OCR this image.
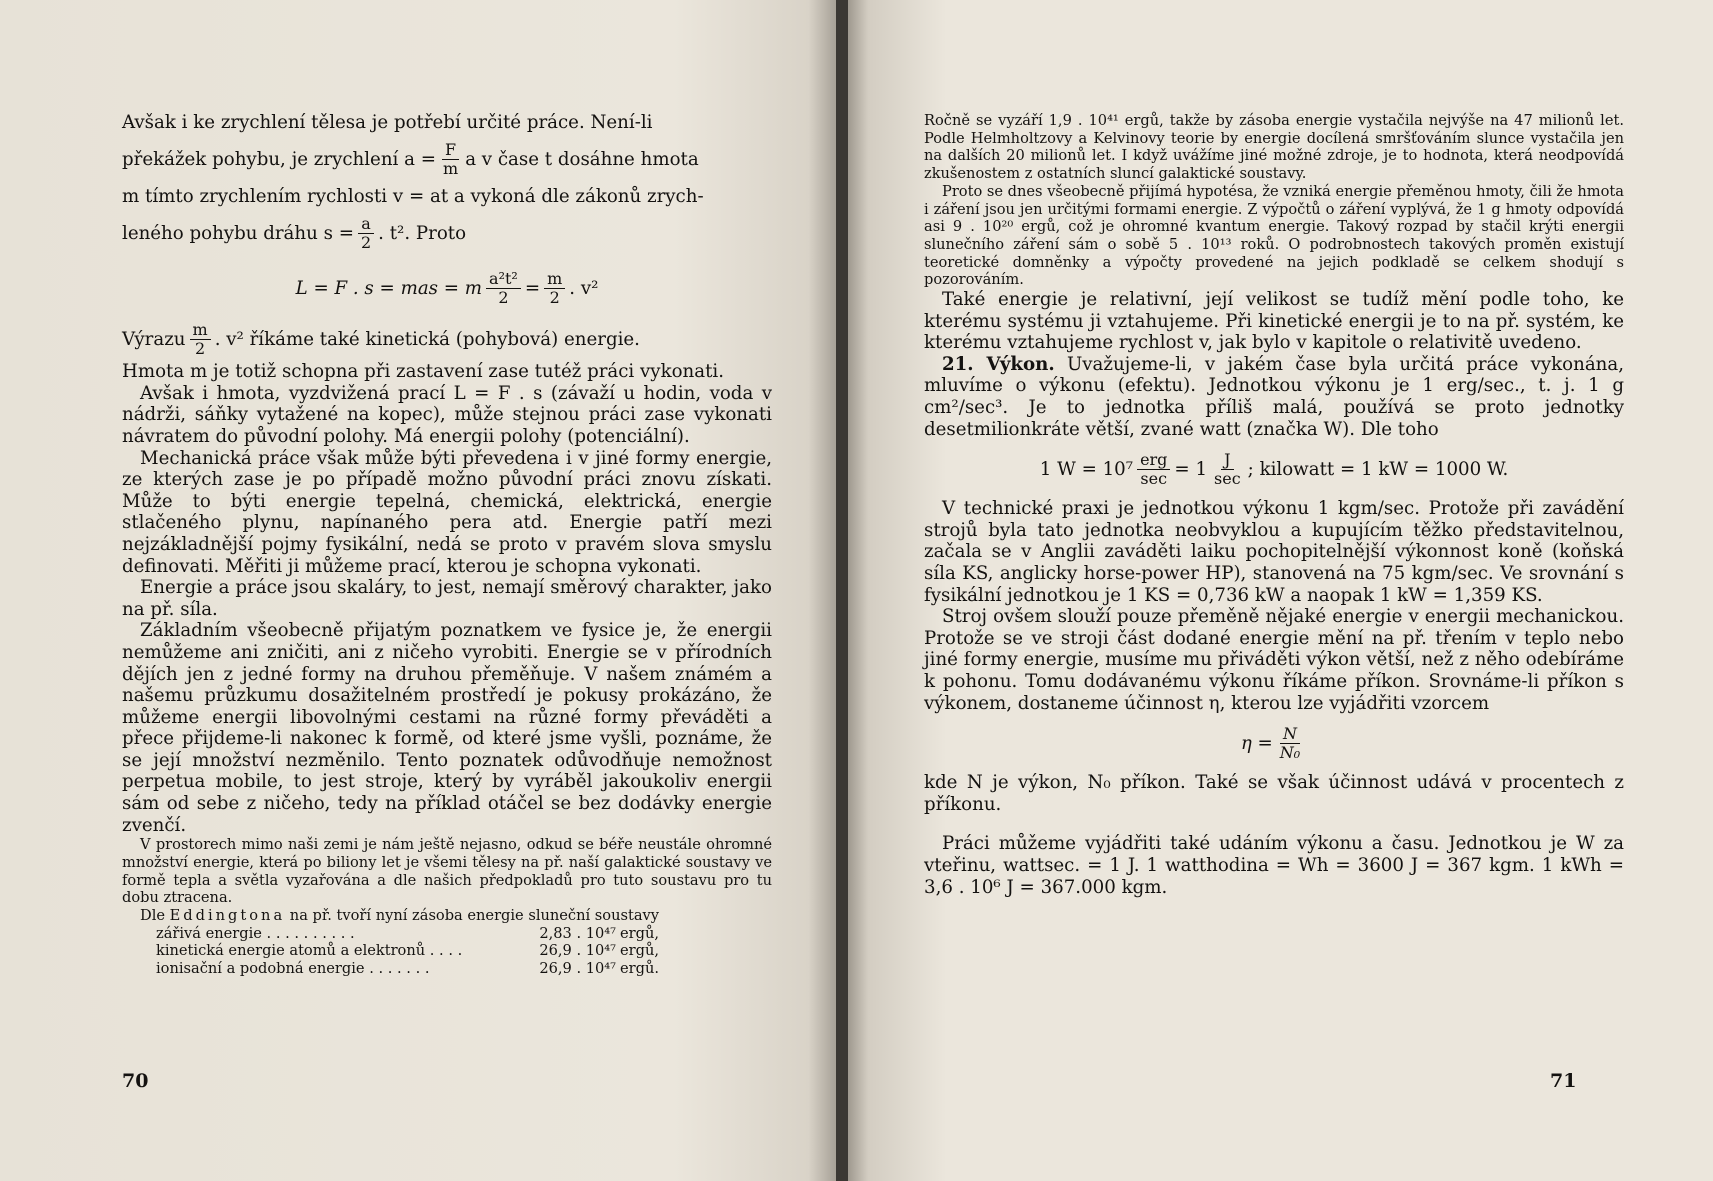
Avšak i ke zrychlení tělesa je potřebí určité práce. Není-li

překážek pohybu, je zrychlení $a = \frac{F}{m}$ a v čase t dosáhne hmota

m tímto zrychlením rychlosti v = at a vykoná dle zákonů zrych-

leného pohybu dráhu $s = \frac{a}{2}$ . t². Proto
L = F . s = mas = m $\frac{\text{a²t²}}{2} = \frac{m}{2}$ . v²
Výrazu $\frac{m}{2}$ . v² říkáme také kinetická (pohybová) energie.

Hmota m je totiž schopna při zastavení zase tutéž práci vykonati.

Avšak i hmota, vyzdvižená prací L = F . s (závaží u hodin, voda v nádrži, sáňky vytažené na kopec), může stejnou práci zase vykonati návratem do původní polohy. Má energii polohy (potenciální).

Mechanická práce však může býti převedena i v jiné formy energie, ze kterých zase je po případě možno původní práci znovu získati. Může to býti energie tepelná, chemická, elektrická, energie stlačeného plynu, napínaného pera atd. Energie patří mezi nejzákladnější pojmy fysikální, nedá se proto v pravém slova smyslu definovati. Měřiti ji můžeme prací, kterou je schopna vykonati.

Energie a práce jsou skaláry, to jest, nemají směrový charakter, jako na př. síla.

Základním všeobecně přijatým poznatkem ve fysice je, že energii nemůžeme ani zničiti, ani z ničeho vyrobiti. Energie se v přírodních dějích jen z jedné formy na druhou přeměňuje. V našem známém a našemu průzkumu dosažitelném prostředí je pokusy prokázáno, že můžeme energii libovolnými cestami na různé formy převáděti a přece přijdeme-li nakonec k formě, od které jsme vyšli, poznáme, že se její množství nezměnilo. Tento poznatek odůvodňuje nemožnost perpetua mobile, to jest stroje, který by vyráběl jakoukoliv energii sám od sebe z ničeho, tedy na příklad otáčel se bez dodávky energie zvenčí.

V prostorech mimo naši zemi je nám ještě nejasno, odkud se béře neustále ohromné množství energie, která po biliony let je všemi tělesy na př. naší galaktické soustavy ve formě tepla a světla vyzařována a dle našich předpokladů pro tuto soustavu pro tu dobu ztracena.

Dle Eddingtona na př. tvoří nyní zásoba energie sluneční soustavy

zářivá energie . . . . . . . . . .	2,83 . 10⁴⁷ ergů,
kinetická energie atomů a elektronů . . . .	26,9 . 10⁴⁷ ergů,
ionisační a podobná energie . . . . . . .	26,9 . 10⁴⁷ ergů.
70

Ročně se vyzáří 1,9 . 10⁴¹ ergů, takže by zásoba energie vystačila nejvýše na 47 milionů let. Podle Helmholtzovy a Kelvinovy teorie by energie docílená smršťováním slunce vystačila jen na dalších 20 milionů let. I když uvážíme jiné možné zdroje, je to hodnota, která neodpovídá zkušenostem z ostatních sluncí galaktické soustavy.

Proto se dnes všeobecně přijímá hypotésa, že vzniká energie přeměnou hmoty, čili že hmota i záření jsou jen určitými formami energie. Z výpočtů o záření vyplývá, že 1 g hmoty odpovídá asi 9 . 10²⁰ ergů, což je ohromné kvantum energie. Takový rozpad by stačil krýti energii slunečního záření sám o sobě 5 . 10¹³ roků. O podrobnostech takových proměn existují teoretické domněnky a výpočty provedené na jejich podkladě se celkem shodují s pozorováním.

Také energie je relativní, její velikost se tudíž mění podle toho, ke kterému systému ji vztahujeme. Při kinetické energii je to na př. systém, ke kterému vztahujeme rychlost v, jak bylo v kapitole o relativitě uvedeno.

21. Výkon. Uvažujeme-li, v jakém čase byla určitá práce vykonána, mluvíme o výkonu (efektu). Jednotkou výkonu je 1 erg/sec., t. j. 1 g cm²/sec³. Je to jednotka příliš malá, používá se proto jednotky desetmilionkráte větší, zvané watt (značka W). Dle toho

1 $W = 10^7 \frac{\text{erg}}{\sec} = 1 \frac{J}{\sec}$ ; kilowatt = 1 kW = 1000 W.

V technické praxi je jednotkou výkonu 1 kgm/sec. Protože při zavádění strojů byla tato jednotka neobvyklou a kupujícím těžko představitelnou, začala se v Anglii zaváděti laiku pochopitelnější výkonnost koně (koňská síla KS, anglicky horse-power HP), stanovená na 75 kgm/sec. Ve srovnání s fysikální jednotkou je 1 KS = 0,736 kW a naopak 1 kW = 1,359 KS.

Stroj ovšem slouží pouze přeměně nějaké energie v energii mechanickou. Protože se ve stroji část dodané energie mění na př. třením v teplo nebo jiné formy energie, musíme mu přiváděti výkon větší, než z něho odebíráme k pohonu. Tomu dodávanému výkonu říkáme příkon. Srovnáme-li příkon s výkonem, dostaneme účinnost η, kterou lze vyjádřiti vzorcem

$\eta = \frac{N}{\text{N₀}}$

kde N je výkon, N₀ příkon. Také se však účinnost udává v procentech z příkonu.

Práci můžeme vyjádřiti také udáním výkonu a času. Jednotkou je W za vteřinu, wattsec. = 1 J. 1 watthodina = Wh = 3600 J = 367 kgm. 1 kWh = 3,6 . 10⁶ J = 367.000 kgm.

71
